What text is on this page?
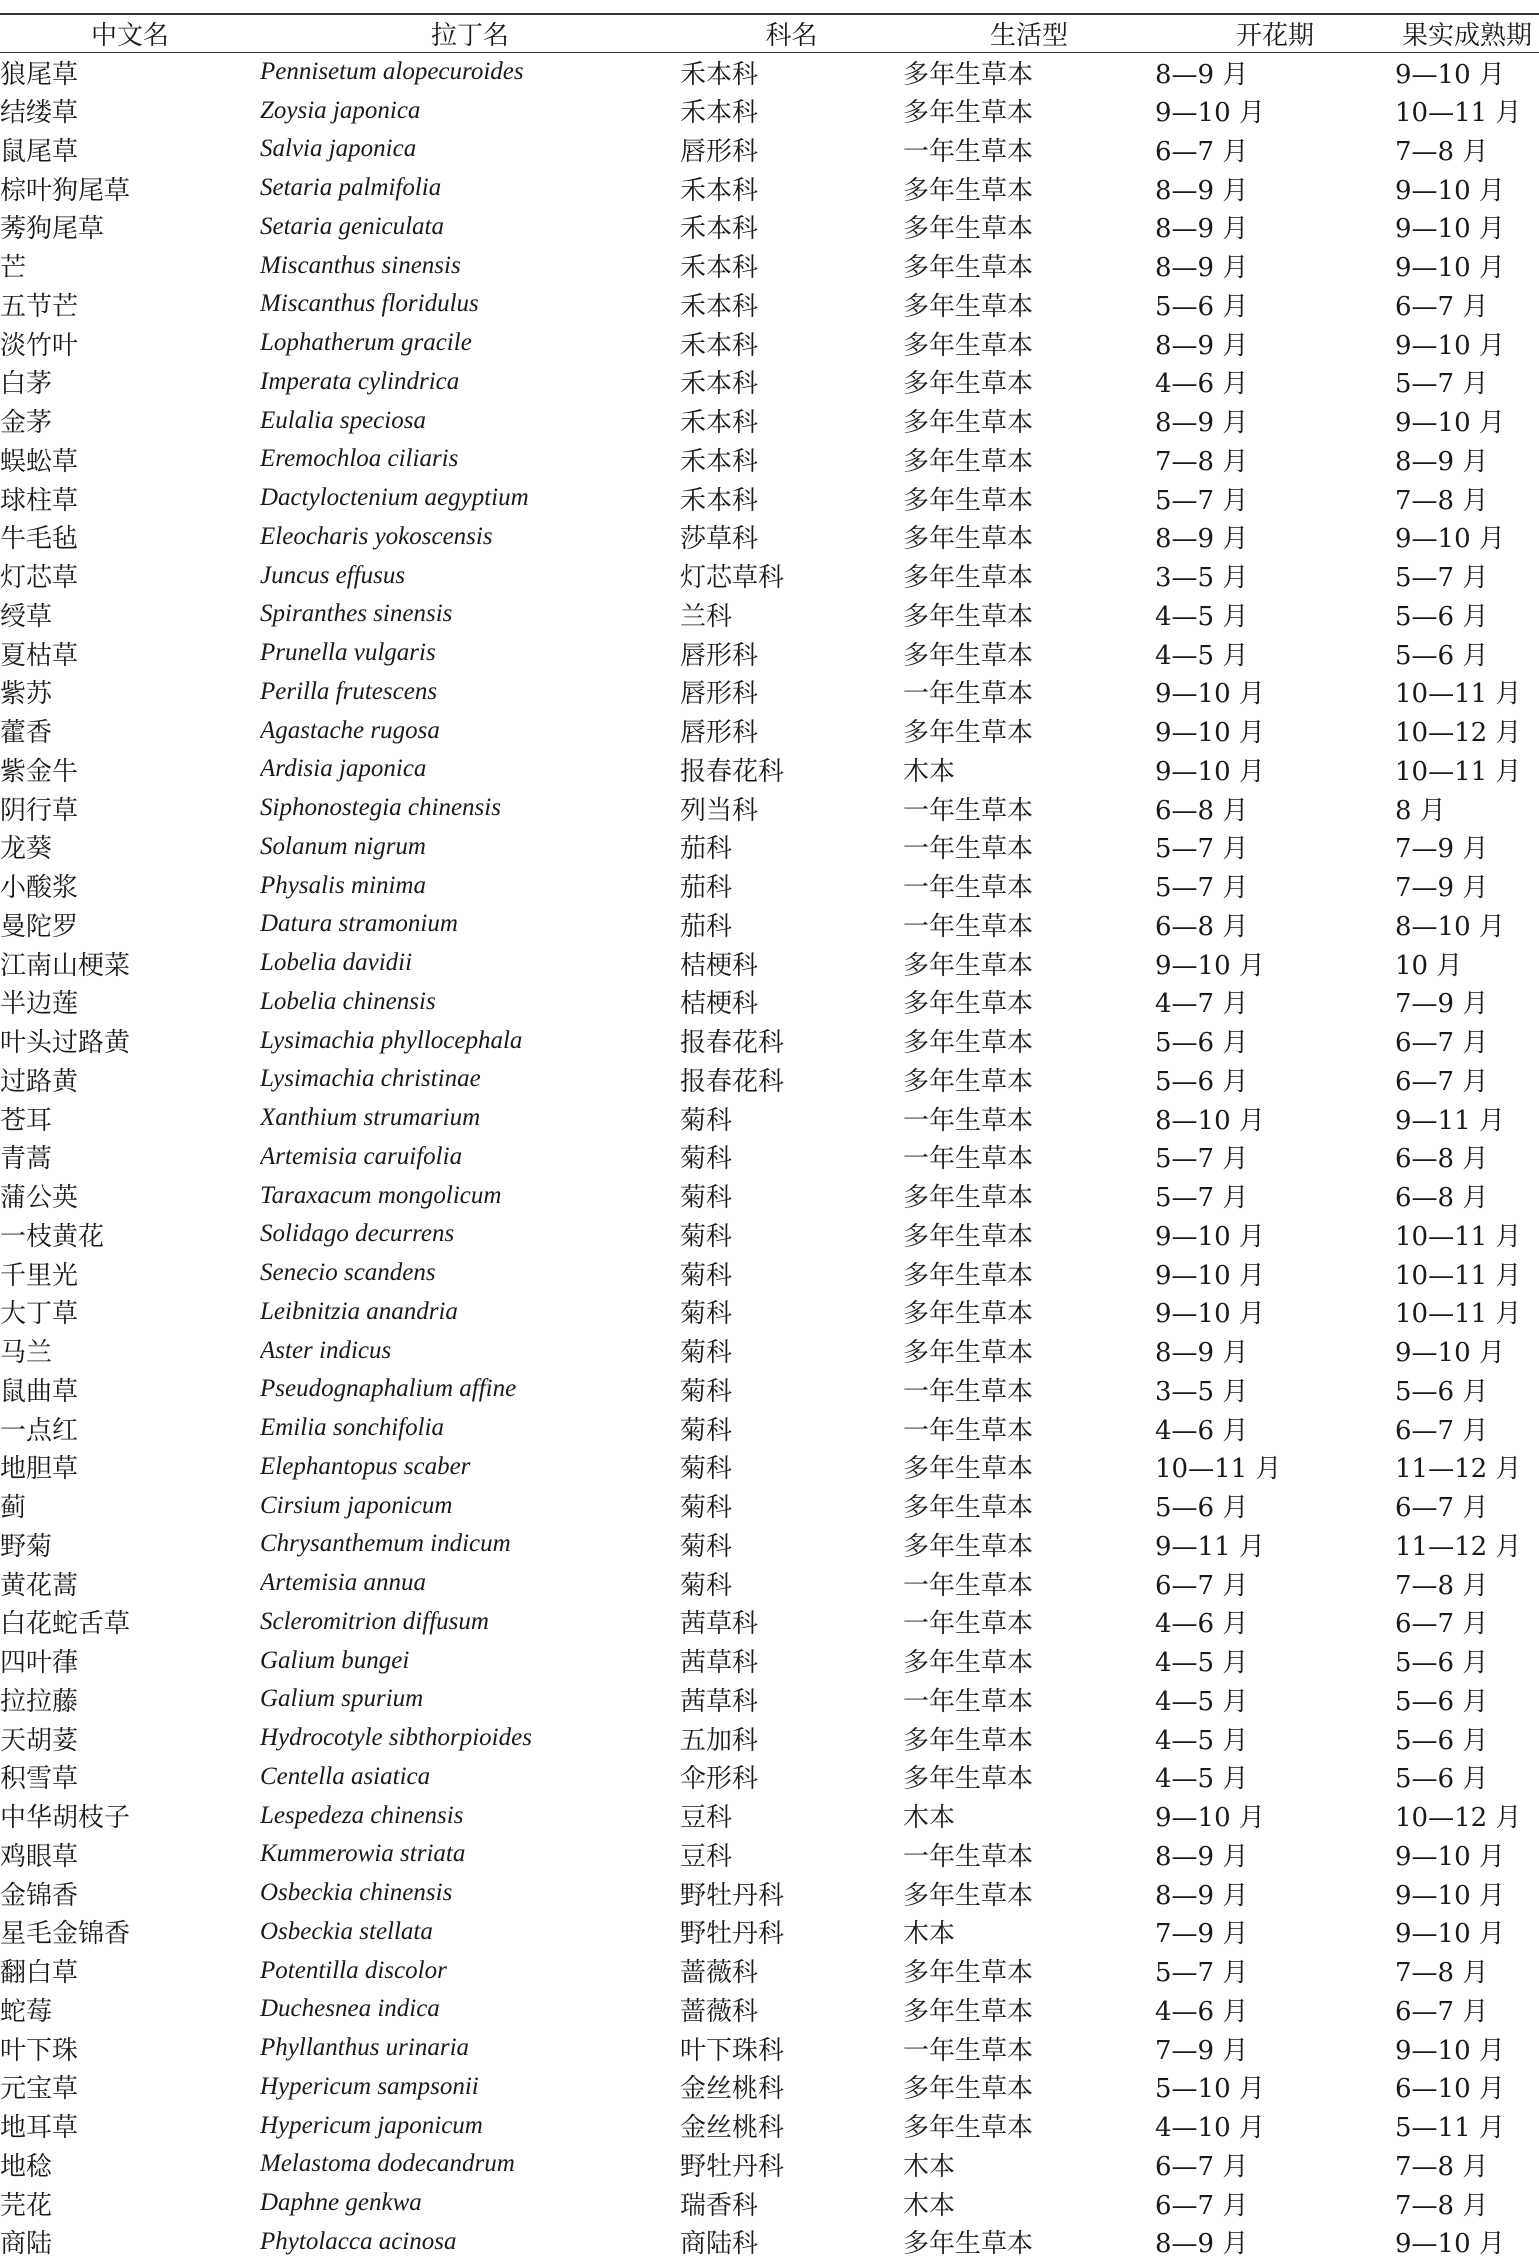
中文名	拉丁名	科名	生活型	开花期	果实成熟期
狼尾草	Pennisetum alopecuroides	禾本科	多年生草本	8—9 月	9—10 月
结缕草	Zoysia japonica	禾本科	多年生草本	9—10 月	10—11 月
鼠尾草	Salvia japonica	唇形科	一年生草本	6—7 月	7—8 月
棕叶狗尾草	Setaria palmifolia	禾本科	多年生草本	8—9 月	9—10 月
莠狗尾草	Setaria geniculata	禾本科	多年生草本	8—9 月	9—10 月
芒	Miscanthus sinensis	禾本科	多年生草本	8—9 月	9—10 月
五节芒	Miscanthus floridulus	禾本科	多年生草本	5—6 月	6—7 月
淡竹叶	Lophatherum gracile	禾本科	多年生草本	8—9 月	9—10 月
白茅	Imperata cylindrica	禾本科	多年生草本	4—6 月	5—7 月
金茅	Eulalia speciosa	禾本科	多年生草本	8—9 月	9—10 月
蜈蚣草	Eremochloa ciliaris	禾本科	多年生草本	7—8 月	8—9 月
球柱草	Dactyloctenium aegyptium	禾本科	多年生草本	5—7 月	7—8 月
牛毛毡	Eleocharis yokoscensis	莎草科	多年生草本	8—9 月	9—10 月
灯芯草	Juncus effusus	灯芯草科	多年生草本	3—5 月	5—7 月
绶草	Spiranthes sinensis	兰科	多年生草本	4—5 月	5—6 月
夏枯草	Prunella vulgaris	唇形科	多年生草本	4—5 月	5—6 月
紫苏	Perilla frutescens	唇形科	一年生草本	9—10 月	10—11 月
藿香	Agastache rugosa	唇形科	多年生草本	9—10 月	10—12 月
紫金牛	Ardisia japonica	报春花科	木本	9—10 月	10—11 月
阴行草	Siphonostegia chinensis	列当科	一年生草本	6—8 月	8 月
龙葵	Solanum nigrum	茄科	一年生草本	5—7 月	7—9 月
小酸浆	Physalis minima	茄科	一年生草本	5—7 月	7—9 月
曼陀罗	Datura stramonium	茄科	一年生草本	6—8 月	8—10 月
江南山梗菜	Lobelia davidii	桔梗科	多年生草本	9—10 月	10 月
半边莲	Lobelia chinensis	桔梗科	多年生草本	4—7 月	7—9 月
叶头过路黄	Lysimachia phyllocephala	报春花科	多年生草本	5—6 月	6—7 月
过路黄	Lysimachia christinae	报春花科	多年生草本	5—6 月	6—7 月
苍耳	Xanthium strumarium	菊科	一年生草本	8—10 月	9—11 月
青蒿	Artemisia caruifolia	菊科	一年生草本	5—7 月	6—8 月
蒲公英	Taraxacum mongolicum	菊科	多年生草本	5—7 月	6—8 月
一枝黄花	Solidago decurrens	菊科	多年生草本	9—10 月	10—11 月
千里光	Senecio scandens	菊科	多年生草本	9—10 月	10—11 月
大丁草	Leibnitzia anandria	菊科	多年生草本	9—10 月	10—11 月
马兰	Aster indicus	菊科	多年生草本	8—9 月	9—10 月
鼠曲草	Pseudognaphalium affine	菊科	一年生草本	3—5 月	5—6 月
一点红	Emilia sonchifolia	菊科	一年生草本	4—6 月	6—7 月
地胆草	Elephantopus scaber	菊科	多年生草本	10—11 月	11—12 月
蓟	Cirsium japonicum	菊科	多年生草本	5—6 月	6—7 月
野菊	Chrysanthemum indicum	菊科	多年生草本	9—11 月	11—12 月
黄花蒿	Artemisia annua	菊科	一年生草本	6—7 月	7—8 月
白花蛇舌草	Scleromitrion diffusum	茜草科	一年生草本	4—6 月	6—7 月
四叶葎	Galium bungei	茜草科	多年生草本	4—5 月	5—6 月
拉拉藤	Galium spurium	茜草科	一年生草本	4—5 月	5—6 月
天胡荽	Hydrocotyle sibthorpioides	五加科	多年生草本	4—5 月	5—6 月
积雪草	Centella asiatica	伞形科	多年生草本	4—5 月	5—6 月
中华胡枝子	Lespedeza chinensis	豆科	木本	9—10 月	10—12 月
鸡眼草	Kummerowia striata	豆科	一年生草本	8—9 月	9—10 月
金锦香	Osbeckia chinensis	野牡丹科	多年生草本	8—9 月	9—10 月
星毛金锦香	Osbeckia stellata	野牡丹科	木本	7—9 月	9—10 月
翻白草	Potentilla discolor	蔷薇科	多年生草本	5—7 月	7—8 月
蛇莓	Duchesnea indica	蔷薇科	多年生草本	4—6 月	6—7 月
叶下珠	Phyllanthus urinaria	叶下珠科	一年生草本	7—9 月	9—10 月
元宝草	Hypericum sampsonii	金丝桃科	多年生草本	5—10 月	6—10 月
地耳草	Hypericum japonicum	金丝桃科	多年生草本	4—10 月	5—11 月
地稔	Melastoma dodecandrum	野牡丹科	木本	6—7 月	7—8 月
芫花	Daphne genkwa	瑞香科	木本	6—7 月	7—8 月
商陆	Phytolacca acinosa	商陆科	多年生草本	8—9 月	9—10 月
